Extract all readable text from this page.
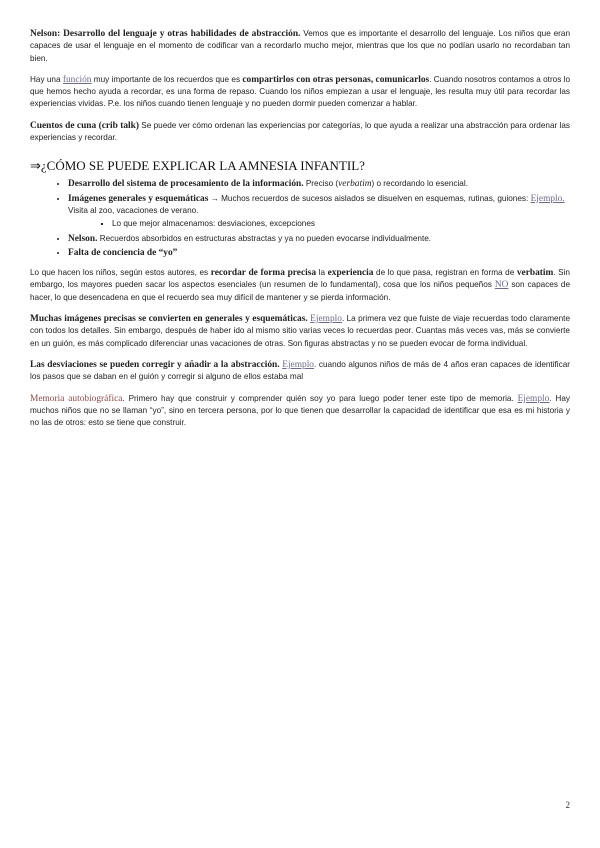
Nelson: Desarrollo del lenguaje y otras habilidades de abstracción. Vemos que es importante el desarrollo del lenguaje. Los niños que eran capaces de usar el lenguaje en el momento de codificar van a recordarlo mucho mejor, mientras que los que no podían usarlo no recordaban tan bien.

Hay una función muy importante de los recuerdos que es compartirlos con otras personas, comunicarlos. Cuando nosotros contamos a otros lo que hemos hecho ayuda a recordar, es una forma de repaso. Cuando los niños empiezan a usar el lenguaje, les resulta muy útil para recordar las experiencias vividas. P.e. los niños cuando tienen lenguaje y no pueden dormir pueden comenzar a hablar.

Cuentos de cuna (crib talk) Se puede ver cómo ordenan las experiencias por categorías, lo que ayuda a realizar una abstracción para ordenar las experiencias y recordar.

⇒¿CÓMO SE PUEDE EXPLICAR LA AMNESIA INFANTIL?
• Desarrollo del sistema de procesamiento de la información. Preciso (verbatim) o recordando lo esencial.
• Imágenes generales y esquemáticas → Muchos recuerdos de sucesos aislados se disuelven en esquemas, rutinas, guiones: Ejemplo. Visita al zoo, vacaciones de verano.
▪ Lo que mejor almacenamos: desviaciones, excepciones
• Nelson. Recuerdos absorbidos en estructuras abstractas y ya no pueden evocarse individualmente.
• Falta de conciencia de “yo”

Lo que hacen los niños, según estos autores, es recordar de forma precisa la experiencia de lo que pasa, registran en forma de verbatim. Sin embargo, los mayores pueden sacar los aspectos esenciales (un resumen de lo fundamental), cosa que los niños pequeños NO son capaces de hacer, lo que desencadena en que el recuerdo sea muy difícil de mantener y se pierda información.

Muchas imágenes precisas se convierten en generales y esquemáticas. Ejemplo. La primera vez que fuiste de viaje recuerdas todo claramente con todos los detalles. Sin embargo, después de haber ido al mismo sitio varias veces lo recuerdas peor. Cuantas más veces vas, más se convierte en un guión, es más complicado diferenciar unas vacaciones de otras. Son figuras abstractas y no se pueden evocar de forma individual.

Las desviaciones se pueden corregir y añadir a la abstracción. Ejemplo. cuando algunos niños de más de 4 años eran capaces de identificar los pasos que se daban en el guión y corregir si alguno de ellos estaba mal

Memoria autobiográfica. Primero hay que construir y comprender quién soy yo para luego poder tener este tipo de memoria. Ejemplo. Hay muchos niños que no se llaman “yo”, sino en tercera persona, por lo que tienen que desarrollar la capacidad de identificar que esa es mi historia y no las de otros: esto se tiene que construir.

2
